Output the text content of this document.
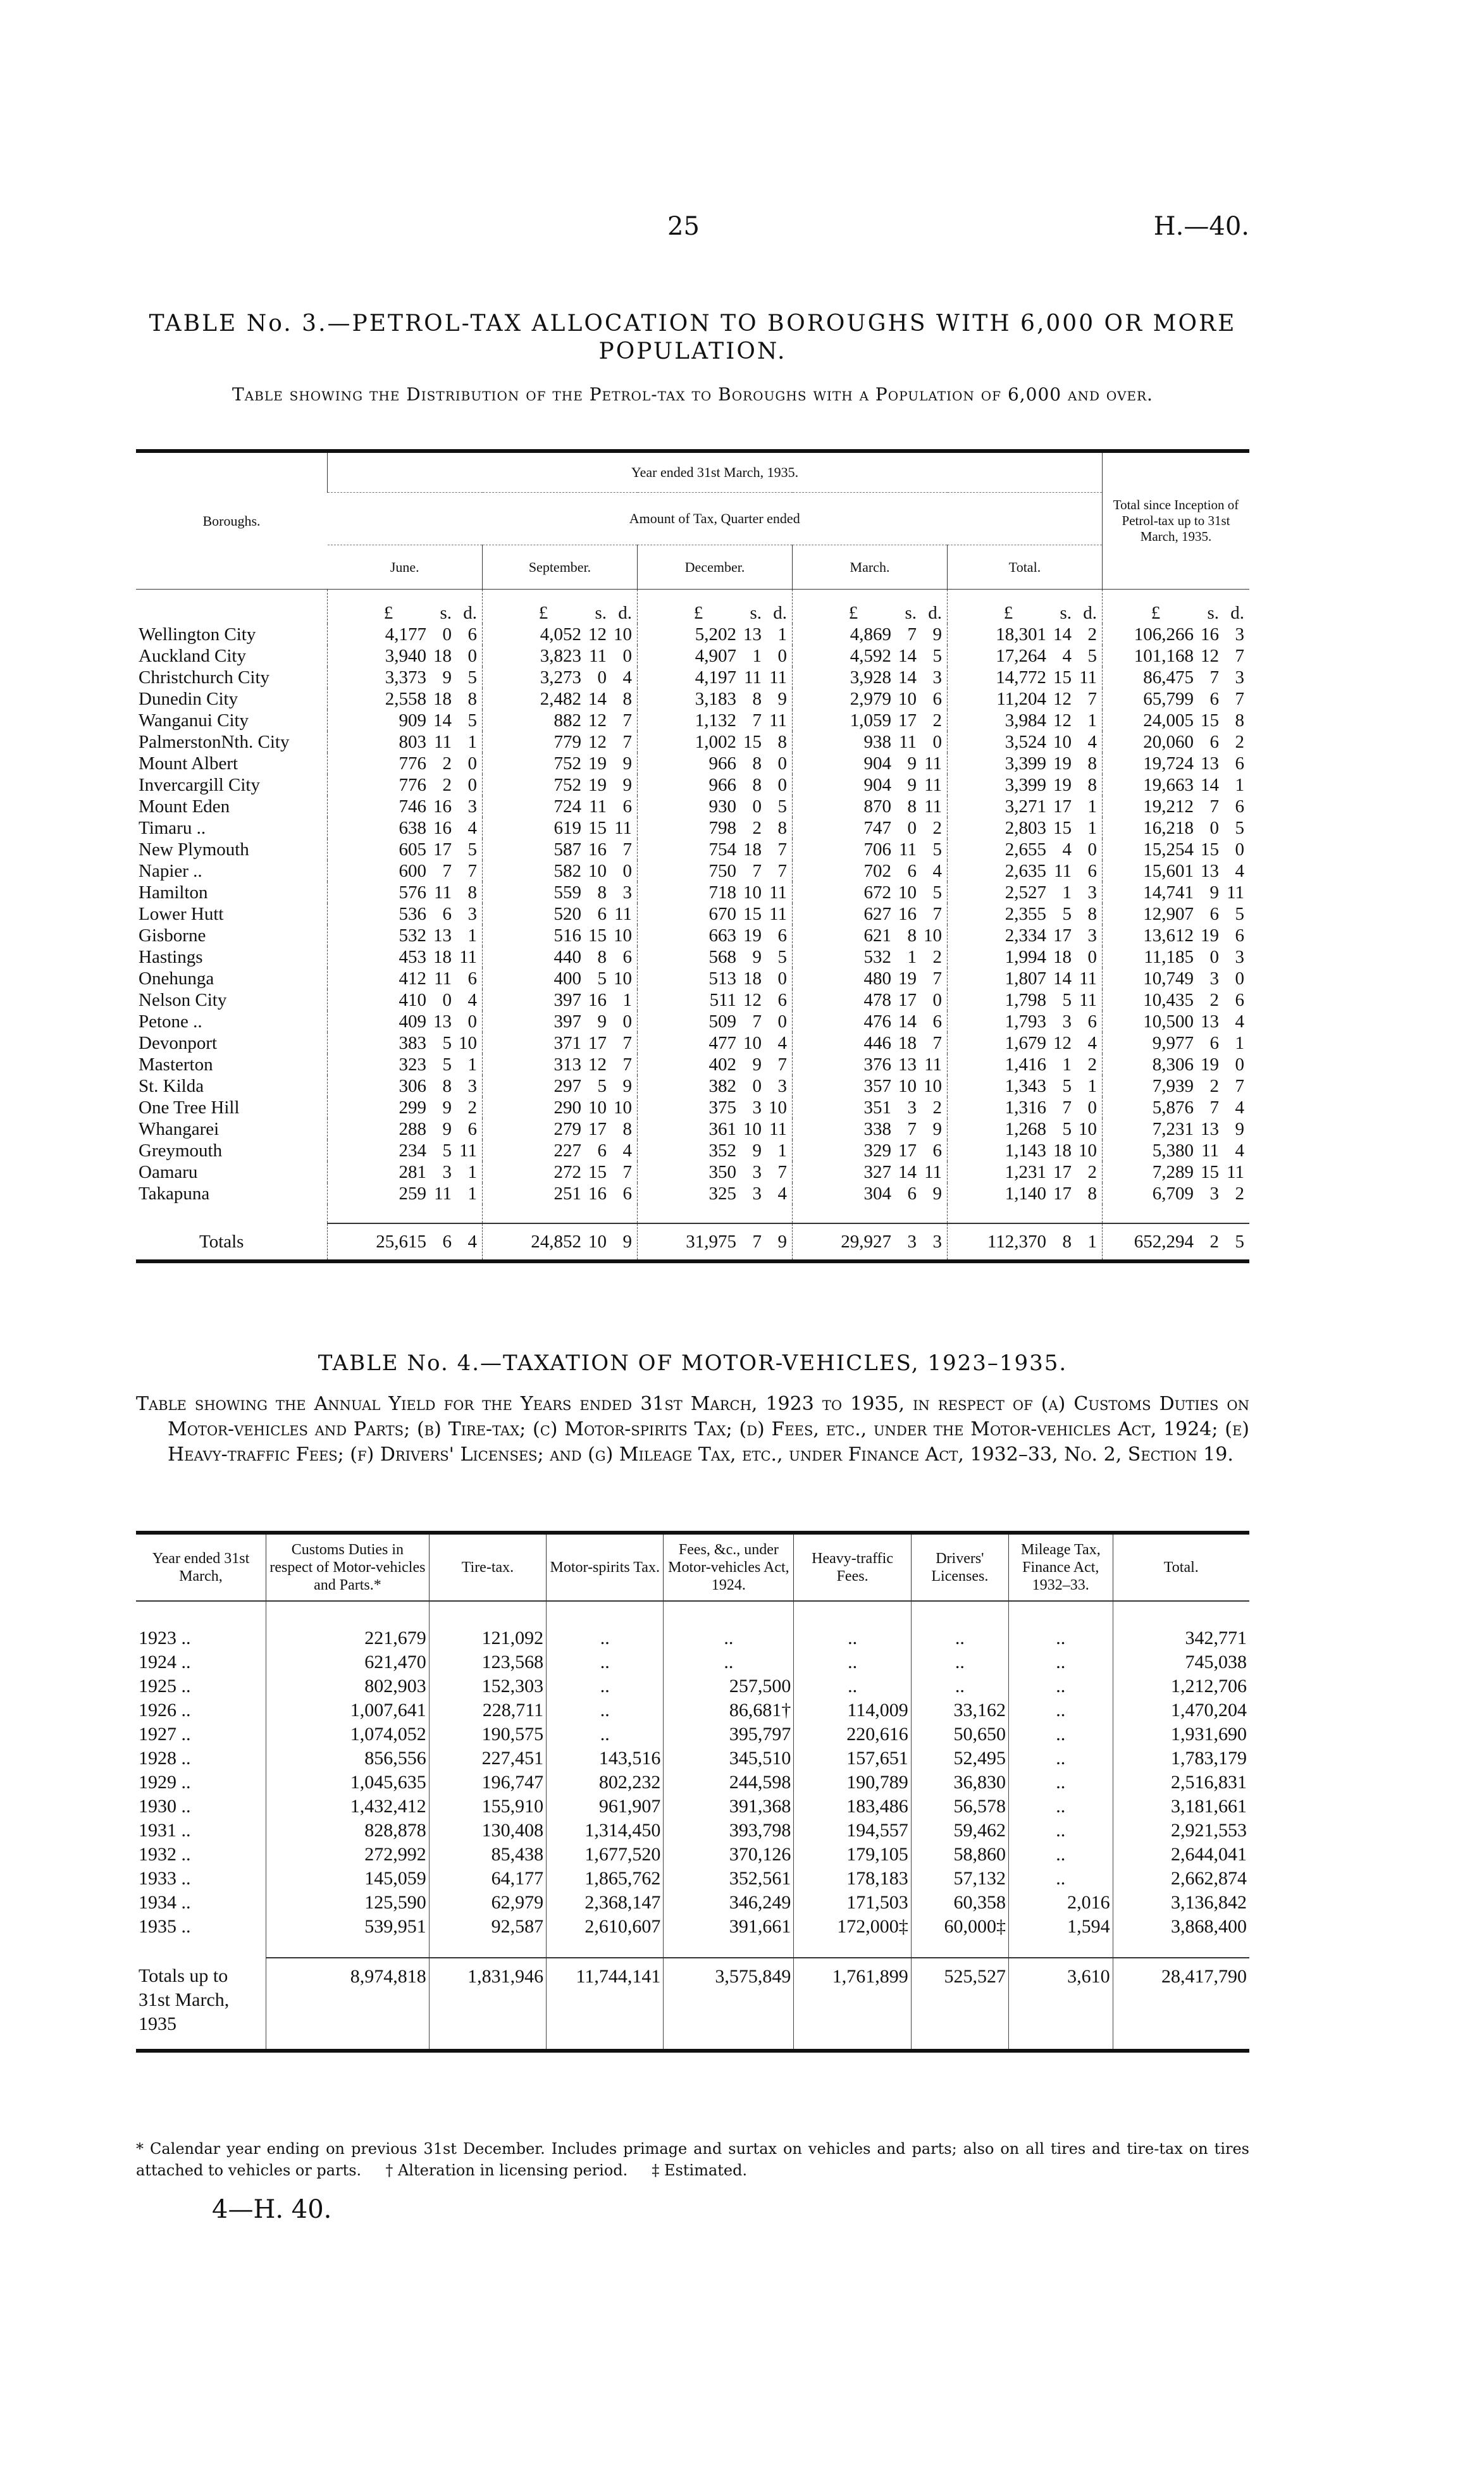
25	H.—40.
TABLE No. 3.—PETROL-TAX ALLOCATION TO BOROUGHS WITH 6,000 OR MORE POPULATION.
Table showing the Distribution of the Petrol-tax to Boroughs with a Population of 6,000 and over.
Boroughs.	Year ended 31st March, 1935.					Total since Inception of Petrol-tax up to 31st March, 1935.
	Amount of Tax, Quarter ended					
	June.	September.	December.	March.	Total.	

	£ s. d.	£ s. d.	£ s. d.	£ s. d.	£ s. d.	£ s. d.

Wellington City	4,177 0 6	4,052 12 10	5,202 13 1	4,869 7 9	18,301 14 2	106,266 16 3

Auckland City	3,940 18 0	3,823 11 0	4,907 1 0	4,592 14 5	17,264 4 5	101,168 12 7

Christchurch City	3,373 9 5	3,273 0 4	4,197 11 11	3,928 14 3	14,772 15 11	86,475 7 3

Dunedin City	2,558 18 8	2,482 14 8	3,183 8 9	2,979 10 6	11,204 12 7	65,799 6 7

Wanganui City	909 14 5	882 12 7	1,132 7 11	1,059 17 2	3,984 12 1	24,005 15 8

PalmerstonNth. City	803 11 1	779 12 7	1,002 15 8	938 11 0	3,524 10 4	20,060 6 2

Mount Albert	776 2 0	752 19 9	966 8 0	904 9 11	3,399 19 8	19,724 13 6

Invercargill City	776 2 0	752 19 9	966 8 0	904 9 11	3,399 19 8	19,663 14 1

Mount Eden	746 16 3	724 11 6	930 0 5	870 8 11	3,271 17 1	19,212 7 6

Timaru ..	638 16 4	619 15 11	798 2 8	747 0 2	2,803 15 1	16,218 0 5

New Plymouth	605 17 5	587 16 7	754 18 7	706 11 5	2,655 4 0	15,254 15 0

Napier ..	600 7 7	582 10 0	750 7 7	702 6 4	2,635 11 6	15,601 13 4

Hamilton	576 11 8	559 8 3	718 10 11	672 10 5	2,527 1 3	14,741 9 11

Lower Hutt	536 6 3	520 6 11	670 15 11	627 16 7	2,355 5 8	12,907 6 5

Gisborne	532 13 1	516 15 10	663 19 6	621 8 10	2,334 17 3	13,612 19 6

Hastings	453 18 11	440 8 6	568 9 5	532 1 2	1,994 18 0	11,185 0 3

Onehunga	412 11 6	400 5 10	513 18 0	480 19 7	1,807 14 11	10,749 3 0

Nelson City	410 0 4	397 16 1	511 12 6	478 17 0	1,798 5 11	10,435 2 6

Petone ..	409 13 0	397 9 0	509 7 0	476 14 6	1,793 3 6	10,500 13 4

Devonport	383 5 10	371 17 7	477 10 4	446 18 7	1,679 12 4	9,977 6 1

Masterton	323 5 1	313 12 7	402 9 7	376 13 11	1,416 1 2	8,306 19 0

St. Kilda	306 8 3	297 5 9	382 0 3	357 10 10	1,343 5 1	7,939 2 7

One Tree Hill	299 9 2	290 10 10	375 3 10	351 3 2	1,316 7 0	5,876 7 4

Whangarei	288 9 6	279 17 8	361 10 11	338 7 9	1,268 5 10	7,231 13 9

Greymouth	234 5 11	227 6 4	352 9 1	329 17 6	1,143 18 10	5,380 11 4

Oamaru	281 3 1	272 15 7	350 3 7	327 14 11	1,231 17 2	7,289 15 11

Takapuna	259 11 1	251 16 6	325 3 4	304 6 9	1,140 17 8	6,709 3 2

Totals	25,615 6 4	24,852 10 9	31,975 7 9	29,927 3 3	112,370 8 1	652,294 2 5
TABLE No. 4.—TAXATION OF MOTOR-VEHICLES, 1923–1935.
Table showing the Annual Yield for the Years ended 31st March, 1923 to 1935, in respect of (a) Customs Duties on Motor-vehicles and Parts; (b) Tire-tax; (c) Motor-spirits Tax; (d) Fees, etc., under the Motor-vehicles Act, 1924; (e) Heavy-traffic Fees; (f) Drivers' Licenses; and (g) Mileage Tax, etc., under Finance Act, 1932–33, No. 2, Section 19.
Year ended 31st March,	Customs Duties in respect of Motor-vehicles and Parts.*	Tire-tax.	Motor-spirits Tax.	Fees, &c., under Motor-vehicles Act, 1924.	Heavy-traffic Fees.	Drivers' Licenses.	Mileage Tax, Finance Act, 1932–33.	Total.

1923 ..	221,679	121,092	..	..	..	..	..	342,771
1924 ..	621,470	123,568	..	..	..	..	..	745,038
1925 ..	802,903	152,303	..	257,500	..	..	..	1,212,706
1926 ..	1,007,641	228,711	..	86,681†	114,009	33,162	..	1,470,204
1927 ..	1,074,052	190,575	..	395,797	220,616	50,650	..	1,931,690
1928 ..	856,556	227,451	143,516	345,510	157,651	52,495	..	1,783,179
1929 ..	1,045,635	196,747	802,232	244,598	190,789	36,830	..	2,516,831
1930 ..	1,432,412	155,910	961,907	391,368	183,486	56,578	..	3,181,661
1931 ..	828,878	130,408	1,314,450	393,798	194,557	59,462	..	2,921,553
1932 ..	272,992	85,438	1,677,520	370,126	179,105	58,860	..	2,644,041
1933 ..	145,059	64,177	1,865,762	352,561	178,183	57,132	..	2,662,874
1934 ..	125,590	62,979	2,368,147	346,249	171,503	60,358	2,016	3,136,842
1935 ..	539,951	92,587	2,610,607	391,661	172,000‡	60,000‡	1,594	3,868,400

Totals up to 31st March, 1935	8,974,818	1,831,946	11,744,141	3,575,849	1,761,899	525,527	3,610	28,417,790

* Calendar year ending on previous 31st December. Includes primage and surtax on vehicles and parts; also on all tires and tire-tax on tires attached to vehicles or parts. † Alteration in licensing period. ‡ Estimated.

4—H. 40.
